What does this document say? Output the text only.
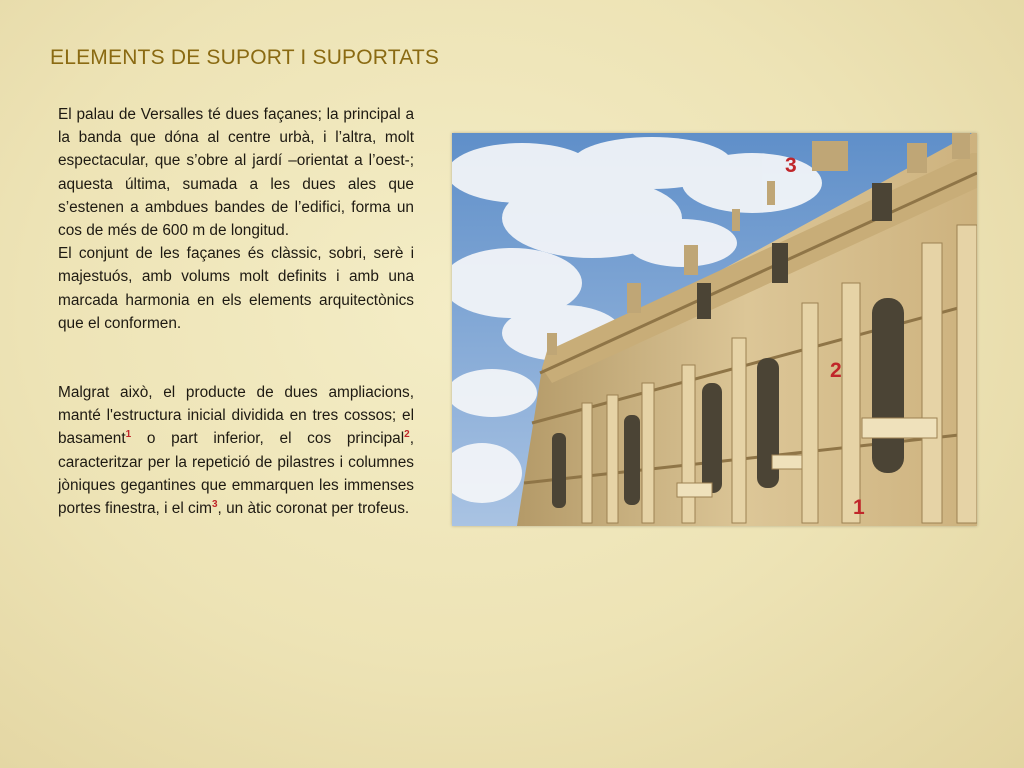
ELEMENTS DE SUPORT I SUPORTATS

El palau de Versalles té dues façanes; la principal a la banda que dóna al centre urbà, i l’altra, molt espectacular, que s’obre al jardí –orientat a l’oest-; aquesta última, sumada a les dues ales que s’estenen a ambdues bandes de l’edifici, forma un cos de més de 600 m de longitud.

El conjunt de les façanes és clàssic, sobri, serè i majestuós, amb volums molt definits i amb una marcada harmonia en els elements arquitectònics que el conformen.

Malgrat això, el producte de dues ampliacions, manté l'estructura inicial dividida en tres cossos; el basament$^1$ o part inferior, el cos principal$^2$, caracteritzar per la repetició de pilastres i columnes jòniques gegantines que emmarquen les immenses portes finestra, i el cim$^3$, un àtic coronat per trofeus.

3
2
1
